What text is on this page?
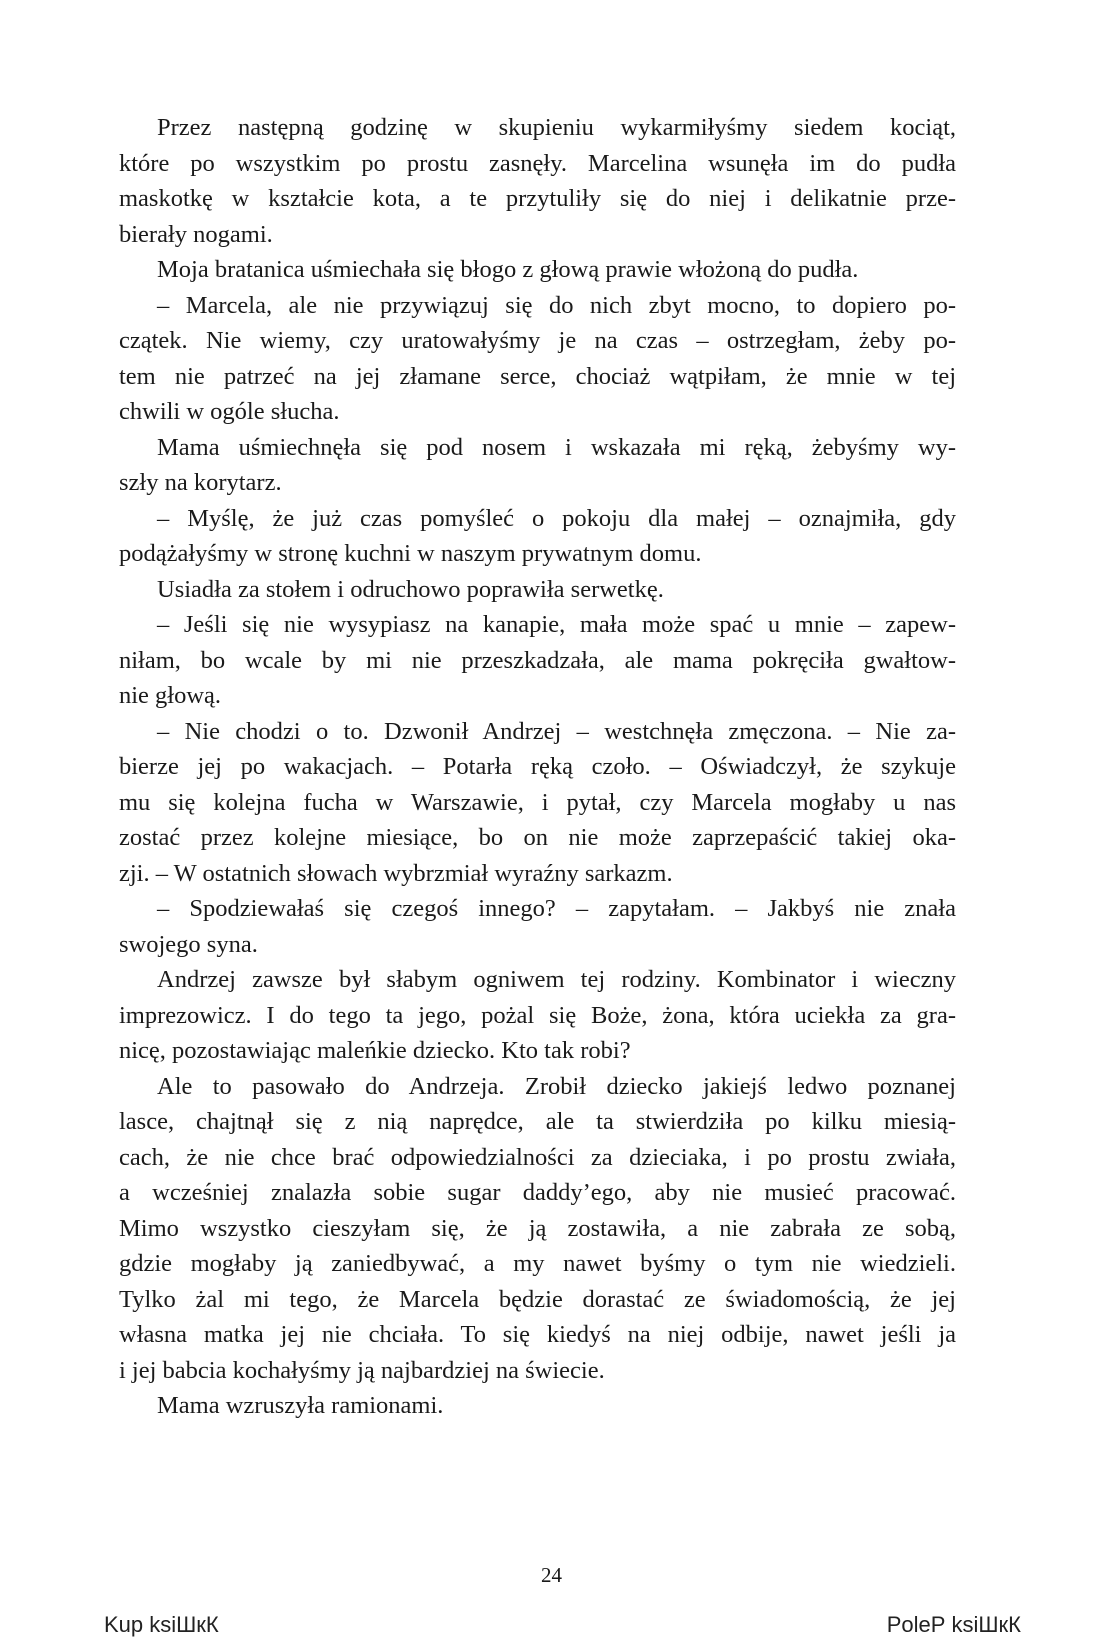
Przez następną godzinę w skupieniu wykarmiłyśmy siedem kociąt,
które po wszystkim po prostu zasnęły. Marcelina wsunęła im do pudła
maskotkę w kształcie kota, a te przytuliły się do niej i delikatnie prze-
bierały nogami.
Moja bratanica uśmiechała się błogo z głową prawie włożoną do pudła.
– Marcela, ale nie przywiązuj się do nich zbyt mocno, to dopiero po-
czątek. Nie wiemy, czy uratowałyśmy je na czas – ostrzegłam, żeby po-
tem nie patrzeć na jej złamane serce, chociaż wątpiłam, że mnie w tej
chwili w ogóle słucha.
Mama uśmiechnęła się pod nosem i wskazała mi ręką, żebyśmy wy-
szły na korytarz.
– Myślę, że już czas pomyśleć o pokoju dla małej – oznajmiła, gdy
podążałyśmy w stronę kuchni w naszym prywatnym domu.
Usiadła za stołem i odruchowo poprawiła serwetkę.
– Jeśli się nie wysypiasz na kanapie, mała może spać u mnie – zapew-
niłam, bo wcale by mi nie przeszkadzała, ale mama pokręciła gwałtow-
nie głową.
– Nie chodzi o to. Dzwonił Andrzej – westchnęła zmęczona. – Nie za-
bierze jej po wakacjach. – Potarła ręką czoło. – Oświadczył, że szykuje
mu się kolejna fucha w Warszawie, i pytał, czy Marcela mogłaby u nas
zostać przez kolejne miesiące, bo on nie może zaprzepaścić takiej oka-
zji. – W ostatnich słowach wybrzmiał wyraźny sarkazm.
– Spodziewałaś się czegoś innego? – zapytałam. – Jakbyś nie znała
swojego syna.
Andrzej zawsze był słabym ogniwem tej rodziny. Kombinator i wieczny
imprezowicz. I do tego ta jego, pożal się Boże, żona, która uciekła za gra-
nicę, pozostawiając maleńkie dziecko. Kto tak robi?
Ale to pasowało do Andrzeja. Zrobił dziecko jakiejś ledwo poznanej
lasce, chajtnął się z nią naprędce, ale ta stwierdziła po kilku miesią-
cach, że nie chce brać odpowiedzialności za dzieciaka, i po prostu zwiała,
a wcześniej znalazła sobie sugar daddy’ego, aby nie musieć pracować.
Mimo wszystko cieszyłam się, że ją zostawiła, a nie zabrała ze sobą,
gdzie mogłaby ją zaniedbywać, a my nawet byśmy o tym nie wiedzieli.
Tylko żal mi tego, że Marcela będzie dorastać ze świadomością, że jej
własna matka jej nie chciała. To się kiedyś na niej odbije, nawet jeśli ja
i jej babcia kochałyśmy ją najbardziej na świecie.
Mama wzruszyła ramionami.
24
Kup ksiШкК	PoleР ksiШкК
